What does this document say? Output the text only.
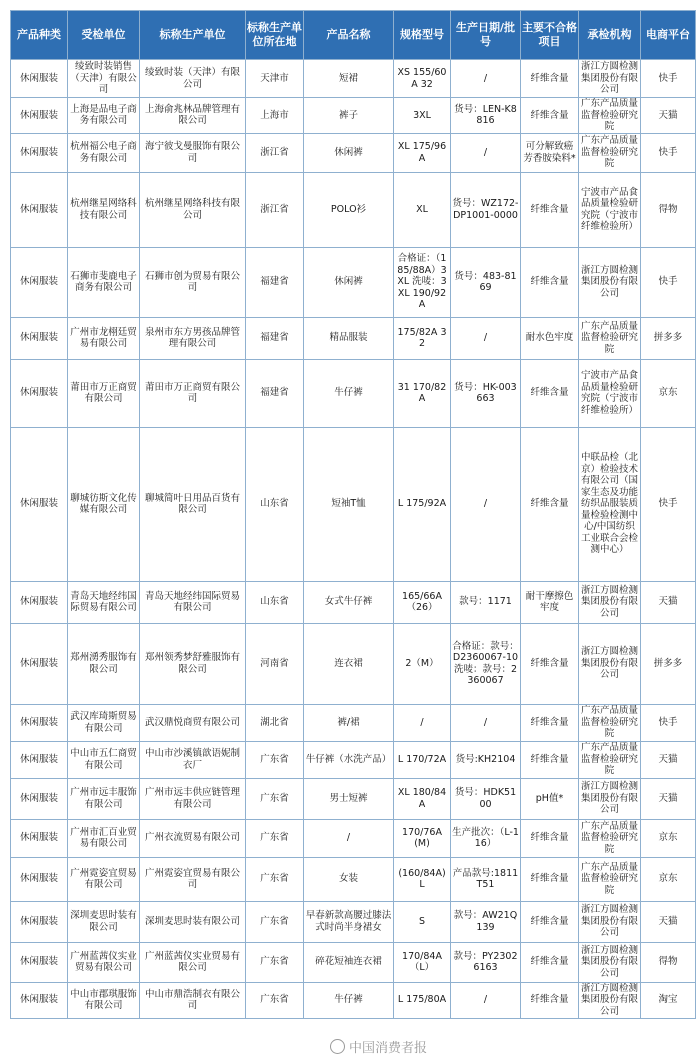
产品种类	受检单位	标称生产单位	标称生产单位所在地	产品名称	规格型号	生产日期/批号	主要不合格项目	承检机构	电商平台
休闲服装	绫致时装销售（天津）有限公司	绫致时装（天津）有限公司	天津市	短裙	XS 155/60A 32	/	纤维含量	浙江方圆检测集团股份有限公司	快手
休闲服装	上海是品电子商务有限公司	上海俞兆林品牌管理有限公司	上海市	裤子	3XL	货号：LEN-K8816	纤维含量	广东产品质量监督检验研究院	天猫
休闲服装	杭州福公电子商务有限公司	海宁彼戈曼服饰有限公司	浙江省	休闲裤	XL 175/96A	/	可分解致癌芳香胺染料*	广东产品质量监督检验研究院	快手
休闲服装	杭州继星网络科技有限公司	杭州继星网络科技有限公司	浙江省	POLO衫	XL	货号：WZ172-DP1001-0000	纤维含量	宁波市产品食品质量检验研究院（宁波市纤维检验所）	得物
休闲服装	石狮市斐鹿电子商务有限公司	石狮市创为贸易有限公司	福建省	休闲裤	合格证：（185/88A）3XL 洗唛：3XL 190/92A	货号：483-8169	纤维含量	浙江方圆检测集团股份有限公司	快手
休闲服装	广州市龙栩廷贸易有限公司	泉州市东方男孩品牌管理有限公司	福建省	精品服装	175/82A 32	/	耐水色牢度	广东产品质量监督检验研究院	拼多多
休闲服装	莆田市万正商贸有限公司	莆田市万正商贸有限公司	福建省	牛仔裤	31 170/82A	货号：HK-003663	纤维含量	宁波市产品食品质量检验研究院（宁波市纤维检验所）	京东
休闲服装	聊城彷斯文化传媒有限公司	聊城简叶日用品百货有限公司	山东省	短袖T恤	L 175/92A	/	纤维含量	中联品检（北京）检验技术有限公司（国家生态及功能纺织品服装质量检验检测中心/中国纺织工业联合会检测中心）	快手
休闲服装	青岛天地经纬国际贸易有限公司	青岛天地经纬国际贸易有限公司	山东省	女式牛仔裤	165/66A（26）	款号：1171	耐干摩擦色牢度	浙江方圆检测集团股份有限公司	天猫
休闲服装	郑州湧秀服饰有限公司	郑州领秀梦舒雅服饰有限公司	河南省	连衣裙	2（M）	合格证：款号：D2360067-10 洗唛：款号：2360067	纤维含量	浙江方圆检测集团股份有限公司	拼多多
休闲服装	武汉库琦斯贸易有限公司	武汉鼎悦商贸有限公司	湖北省	裤/裙	/	/	纤维含量	广东产品质量监督检验研究院	快手
休闲服装	中山市五仁商贸有限公司	中山市沙溪镇歆语妮制衣厂	广东省	牛仔裤（水洗产品）	L 170/72A	货号:KH2104	纤维含量	广东产品质量监督检验研究院	天猫
休闲服装	广州市远丰服饰有限公司	广州市远丰供应链管理有限公司	广东省	男士短裤	XL 180/84A	货号：HDK5100	pH值*	浙江方圆检测集团股份有限公司	天猫
休闲服装	广州市汇百业贸易有限公司	广州衣流贸易有限公司	广东省	/	170/76A(M)	生产批次：（L-116）	纤维含量	广东产品质量监督检验研究院	京东
休闲服装	广州霓姿宜贸易有限公司	广州霓姿宜贸易有限公司	广东省	女装	(160/84A) L	产品款号:1811T51	纤维含量	广东产品质量监督检验研究院	京东
休闲服装	深圳麦思时装有限公司	深圳麦思时装有限公司	广东省	早春新款高腰过膝法式时尚半身裙女	S	款号：AW21Q139	纤维含量	浙江方圆检测集团股份有限公司	天猫
休闲服装	广州蓝茜仪实业贸易有限公司	广州蓝茜仪实业贸易有限公司	广东省	碎花短袖连衣裙	170/84A（L）	款号：PY23026163	纤维含量	浙江方圆检测集团股份有限公司	得物
休闲服装	中山市郡琪服饰有限公司	中山市鼎浩制衣有限公司	广东省	牛仔裤	L 175/80A	/	纤维含量	浙江方圆检测集团股份有限公司	淘宝
中国消费者报
